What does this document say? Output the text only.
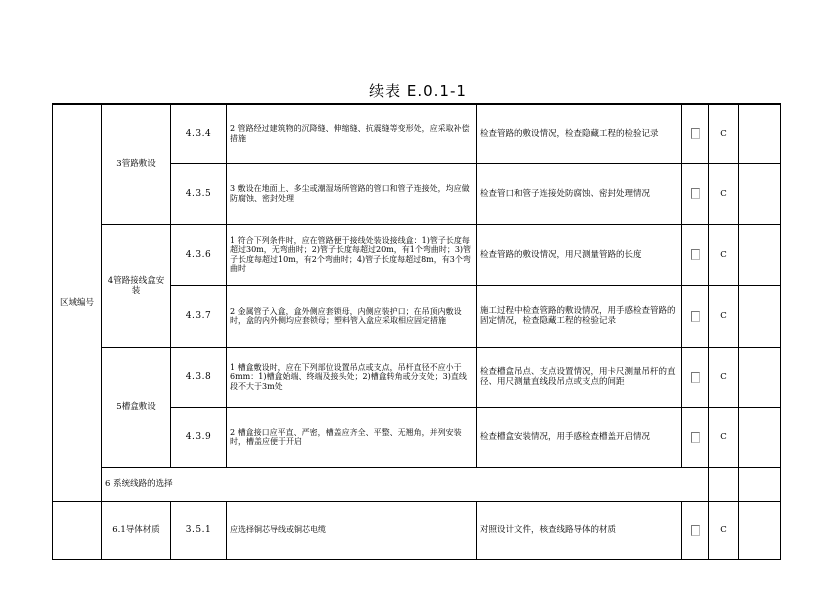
续表 E.0.1-1
区域编号	3管路敷设	4.3.4	2 管路经过建筑物的沉降缝、伸缩缝、抗震缝等变形处，应采取补偿措施	检查管路的敷设情况，检查隐藏工程的检验记录		C	
		4.3.5	3 敷设在地面上、多尘或潮湿场所管路的管口和管子连接处，均应做防腐蚀、密封处理	检查管口和管子连接处防腐蚀、密封处理情况		C	
	4管路接线盒安装	4.3.6	1 符合下列条件时，应在管路便于接线处装设接线盒：1)管子长度每超过30m，无弯曲时；2)管子长度每超过20m，有1个弯曲时；3)管子长度每超过10m，有2个弯曲时；4)管子长度每超过8m，有3个弯曲时	检查管路的敷设情况，用尺测量管路的长度		C	
		4.3.7	2 金属管子入盒，盒外侧应套锁母，内侧应装护口；在吊顶内敷设时，盒的内外侧均应套锁母；塑料管入盒应采取相应固定措施	施工过程中检查管路的敷设情况，用手感检查管路的固定情况，检查隐藏工程的检验记录		C	
	5槽盒敷设	4.3.8	1 槽盒敷设时，应在下列部位设置吊点或支点，吊杆直径不应小于6mm：1)槽盒始端、终端及接头处；2)槽盒转角或分支处；3)直线段不大于3m处	检查槽盒吊点、支点设置情况，用卡尺测量吊杆的直径、用尺测量直线段吊点或支点的间距		C	
		4.3.9	2 槽盒接口应平直、严密，槽盖应齐全、平整、无翘角，并列安装时，槽盖应便于开启	检查槽盒安装情况，用手感检查槽盖开启情况		C	
	6 系统线路的选择						
	6.1导体材质	3.5.1	应选择铜芯导线或铜芯电缆	对照设计文件，核查线路导体的材质		C	
